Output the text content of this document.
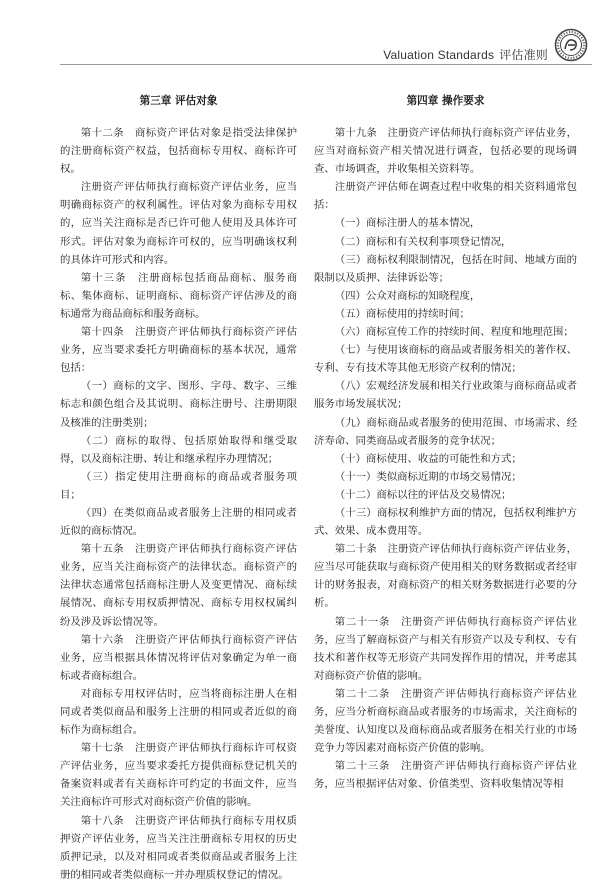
Valuation Standards 评估准则
第三章 评估对象

第十二条　商标资产评估对象是指受法律保护的注册商标资产权益，包括商标专用权、商标许可权。

注册资产评估师执行商标资产评估业务，应当明确商标资产的权利属性。评估对象为商标专用权的，应当关注商标是否已许可他人使用及具体许可形式。评估对象为商标许可权的，应当明确该权利的具体许可形式和内容。

第十三条　注册商标包括商品商标、服务商标、集体商标、证明商标、商标资产评估涉及的商标通常为商品商标和服务商标。

第十四条　注册资产评估师执行商标资产评估业务，应当要求委托方明确商标的基本状况，通常包括：

（一）商标的文字、图形、字母、数字、三维标志和颜色组合及其说明、商标注册号、注册期限及核准的注册类别；

（二）商标的取得、包括原始取得和继受取得，以及商标注册、转让和继承程序办理情况；

（三）指定使用注册商标的商品或者服务项目；

（四）在类似商品或者服务上注册的相同或者近似的商标情况。

第十五条　注册资产评估师执行商标资产评估业务，应当关注商标资产的法律状态。商标资产的法律状态通常包括商标注册人及变更情况、商标续展情况、商标专用权质押情况、商标专用权权属纠纷及涉及诉讼情况等。

第十六条　注册资产评估师执行商标资产评估业务，应当根据具体情况将评估对象确定为单一商标或者商标组合。

对商标专用权评估时，应当将商标注册人在相同或者类似商品和服务上注册的相同或者近似的商标作为商标组合。

第十七条　注册资产评估师执行商标许可权资产评估业务，应当要求委托方提供商标登记机关的备案资料或者有关商标许可约定的书面文件，应当关注商标许可形式对商标资产价值的影响。

第十八条　注册资产评估师执行商标专用权质押资产评估业务，应当关注注册商标专用权的历史质押记录，以及对相同或者类似商品或者服务上注册的相同或者类似商标一并办理质权登记的情况。

第四章 操作要求

第十九条　注册资产评估师执行商标资产评估业务，应当对商标资产相关情况进行调查，包括必要的现场调查、市场调查，并收集相关资料等。

注册资产评估师在调查过程中收集的相关资料通常包括：

（一）商标注册人的基本情况，

（二）商标和有关权利事项登记情况，

（三）商标权利限制情况，包括在时间、地域方面的限制以及质押、法律诉讼等；

（四）公众对商标的知晓程度，

（五）商标使用的持续时间；

（六）商标宣传工作的持续时间、程度和地理范围；

（七）与使用该商标的商品或者服务相关的著作权、专利、专有技术等其他无形资产权利的情况；

（八）宏观经济发展和相关行业政策与商标商品或者服务市场发展状况；

（九）商标商品或者服务的使用范围、市场需求、经济寿命、同类商品或者服务的竞争状况；

（十）商标使用、收益的可能性和方式；

（十一）类似商标近期的市场交易情况；

（十二）商标以往的评估及交易情况；

（十三）商标权利维护方面的情况，包括权利维护方式、效果、成本费用等。

第二十条　注册资产评估师执行商标资产评估业务，应当尽可能获取与商标资产使用相关的财务数据或者经审计的财务报表，对商标资产的相关财务数据进行必要的分析。

第二十一条　注册资产评估师执行商标资产评估业务，应当了解商标资产与相关有形资产以及专利权、专有技术和著作权等无形资产共同发挥作用的情况，并考虑其对商标资产价值的影响。

第二十二条　注册资产评估师执行商标资产评估业务，应当分析商标商品或者服务的市场需求，关注商标的美誉度、认知度以及商标商品或者服务在相关行业的市场竞争力等因素对商标资产价值的影响。

第二十三条　注册资产评估师执行商标资产评估业务，应当根据评估对象、价值类型、资料收集情况等相
